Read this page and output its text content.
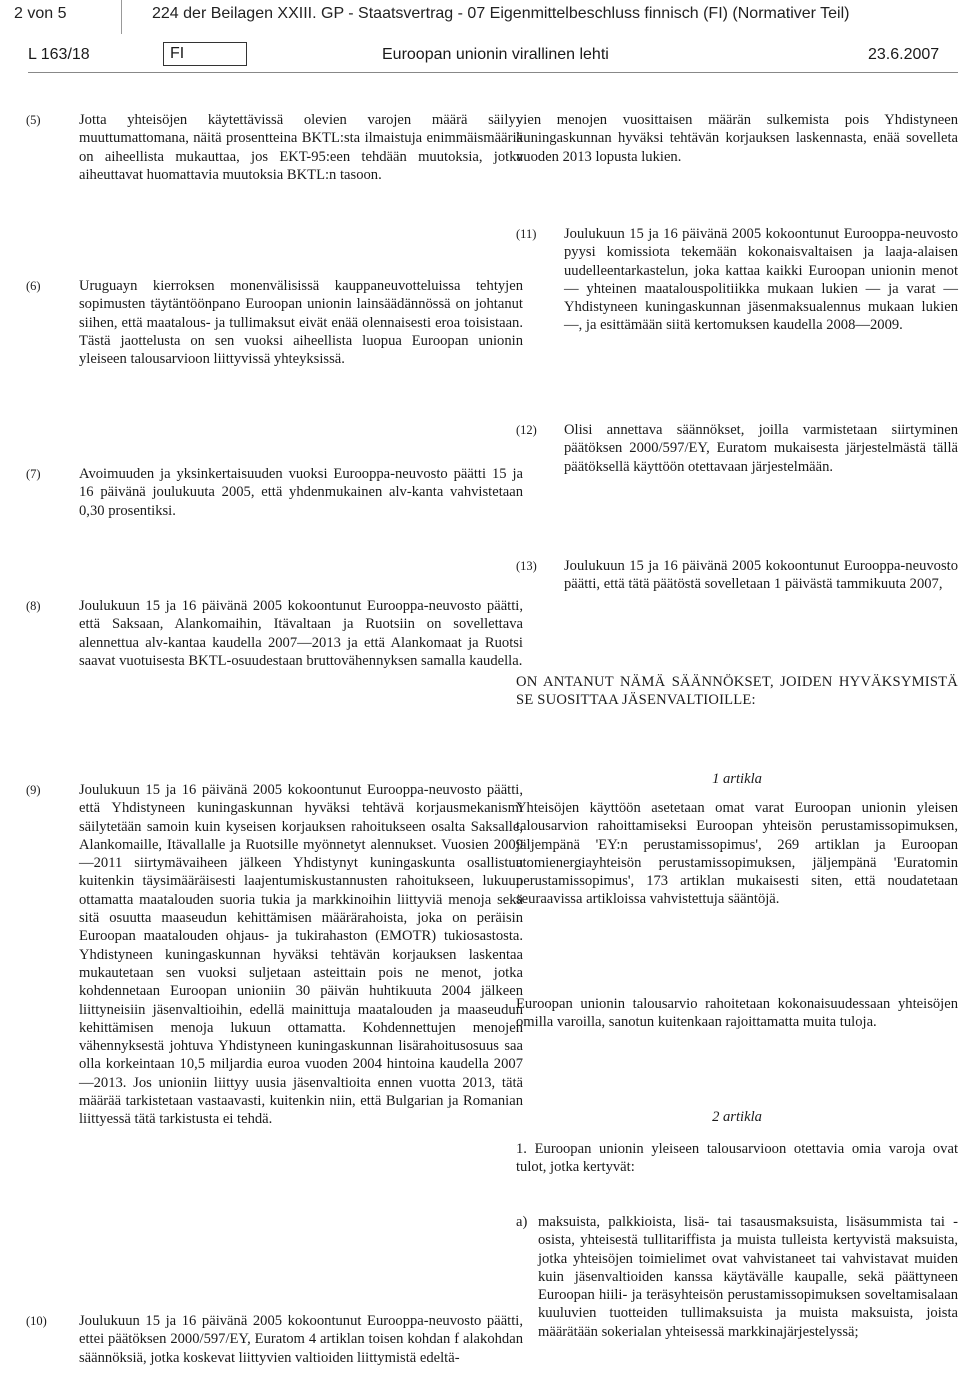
2 von 5	224 der Beilagen XXIII. GP - Staatsvertrag - 07 Eigenmittelbeschluss finnisch (FI) (Normativer Teil)
L 163/18	FI	Euroopan unionin virallinen lehti	23.6.2007
(5)	Jotta yhteisöjen käytettävissä olevien varojen määrä säilyy muuttumattomana, näitä prosentteina BKTL:sta ilmaistuja enimmäismääriä on aiheellista mukauttaa, jos EKT-95:een tehdään muutoksia, jotka aiheuttavat huomattavia muutoksia BKTL:n tasoon.
(6)	Uruguayn kierroksen monenvälisissä kauppaneuvotteluissa tehtyjen sopimusten täytäntöönpano Euroopan unionin lainsäädännössä on johtanut siihen, että maatalous- ja tullimaksut eivät enää olennaisesti eroa toisistaan. Tästä jaottelusta on sen vuoksi aiheellista luopua Euroopan unionin yleiseen talousarvioon liittyvissä yhteyksissä.
(7)	Avoimuuden ja yksinkertaisuuden vuoksi Eurooppa-neuvosto päätti 15 ja 16 päivänä joulukuuta 2005, että yhdenmukainen alv-kanta vahvistetaan 0,30 prosentiksi.
(8)	Joulukuun 15 ja 16 päivänä 2005 kokoontunut Eurooppa-neuvosto päätti, että Saksaan, Alankomaihin, Itävaltaan ja Ruotsiin on sovellettava alennettua alv-kantaa kaudella 2007—2013 ja että Alankomaat ja Ruotsi saavat vuotuisesta BKTL-osuudestaan bruttovähennyksen samalla kaudella.
(9)	Joulukuun 15 ja 16 päivänä 2005 kokoontunut Eurooppa-neuvosto päätti, että Yhdistyneen kuningaskunnan hyväksi tehtävä korjausmekanismi säilytetään samoin kuin kyseisen korjauksen rahoitukseen osalta Saksalle, Alankomaille, Itävallalle ja Ruotsille myönnetyt alennukset. Vuosien 2009—2011 siirtymävaiheen jälkeen Yhdistynyt kuningaskunta osallistuu kuitenkin täysimääräisesti laajentumiskustannusten rahoitukseen, lukuun ottamatta maatalouden suoria tukia ja markkinoihin liittyviä menoja sekä sitä osuutta maaseudun kehittämisen määrärahoista, joka on peräisin Euroopan maatalouden ohjaus- ja tukirahaston (EMOTR) tukiosastosta. Yhdistyneen kuningaskunnan hyväksi tehtävän korjauksen laskentaa mukautetaan sen vuoksi suljetaan asteittain pois ne menot, jotka kohdennetaan Euroopan unioniin 30 päivän huhtikuuta 2004 jälkeen liittyneisiin jäsenvaltioihin, edellä mainittuja maatalouden ja maaseudun kehittämisen menoja lukuun ottamatta. Kohdennettujen menojen vähennyksestä johtuva Yhdistyneen kuningaskunnan lisärahoitusosuus saa olla korkeintaan 10,5 miljardia euroa vuoden 2004 hintoina kaudella 2007—2013. Jos unioniin liittyy uusia jäsenvaltioita ennen vuotta 2013, tätä määrää tarkistetaan vastaavasti, kuitenkin niin, että Bulgarian ja Romanian liittyessä tätä tarkistusta ei tehdä.
(10) Joulukuun 15 ja 16 päivänä 2005 kokoontunut Eurooppa-neuvosto päätti, ettei päätöksen 2000/597/EY, Euratom 4 artiklan toisen kohdan f alakohdan säännöksiä, jotka koskevat liittyvien valtioiden liittymistä edeltä-
vien menojen vuosittaisen määrän sulkemista pois Yhdistyneen kuningaskunnan hyväksi tehtävän korjauksen laskennasta, enää sovelleta vuoden 2013 lopusta lukien.
(11) Joulukuun 15 ja 16 päivänä 2005 kokoontunut Eurooppa-neuvosto pyysi komissiota tekemään kokonaisvaltaisen ja laaja-alaisen uudelleentarkastelun, joka kattaa kaikki Euroopan unionin menot — yhteinen maatalouspolitiikka mukaan lukien — ja varat — Yhdistyneen kuningaskunnan jäsenmaksualennus mukaan lukien —, ja esittämään siitä kertomuksen kaudella 2008—2009.
(12) Olisi annettava säännökset, joilla varmistetaan siirtyminen päätöksen 2000/597/EY, Euratom mukaisesta järjestelmästä tällä päätöksellä käyttöön otettavaan järjestelmään.
(13) Joulukuun 15 ja 16 päivänä 2005 kokoontunut Eurooppa-neuvosto päätti, että tätä päätöstä sovelletaan 1 päivästä tammikuuta 2007,
ON ANTANUT NÄMÄ SÄÄNNÖKSET, JOIDEN HYVÄKSYMISTÄ SE SUOSITTAA JÄSENVALTIOILLE:
1 artikla
Yhteisöjen käyttöön asetetaan omat varat Euroopan unionin yleisen talousarvion rahoittamiseksi Euroopan yhteisön perustamissopimuksen, jäljempänä 'EY:n perustamissopimus', 269 artiklan ja Euroopan atomienergiayhteisön perustamissopimuksen, jäljempänä 'Euratomin perustamissopimus', 173 artiklan mukaisesti siten, että noudatetaan seuraavissa artikloissa vahvistettuja sääntöjä.
Euroopan unionin talousarvio rahoitetaan kokonaisuudessaan yhteisöjen omilla varoilla, sanotun kuitenkaan rajoittamatta muita tuloja.
2 artikla
1. Euroopan unionin yleiseen talousarvioon otettavia omia varoja ovat tulot, jotka kertyvät:
a) maksuista, palkkioista, lisä- tai tasausmaksuista, lisäsummista tai -osista, yhteisestä tullitariffista ja muista tulleista kertyvistä maksuista, jotka yhteisöjen toimielimet ovat vahvistaneet tai vahvistavat muiden kuin jäsenvaltioiden kanssa käytävälle kaupalle, sekä päättyneen Euroopan hiili- ja teräsyhteisön perustamissopimuksen soveltamisalaan kuuluvien tuotteiden tullimaksuista ja muista maksuista, joista määrätään sokerialan yhteisessä markkinajärjestelyssä;
